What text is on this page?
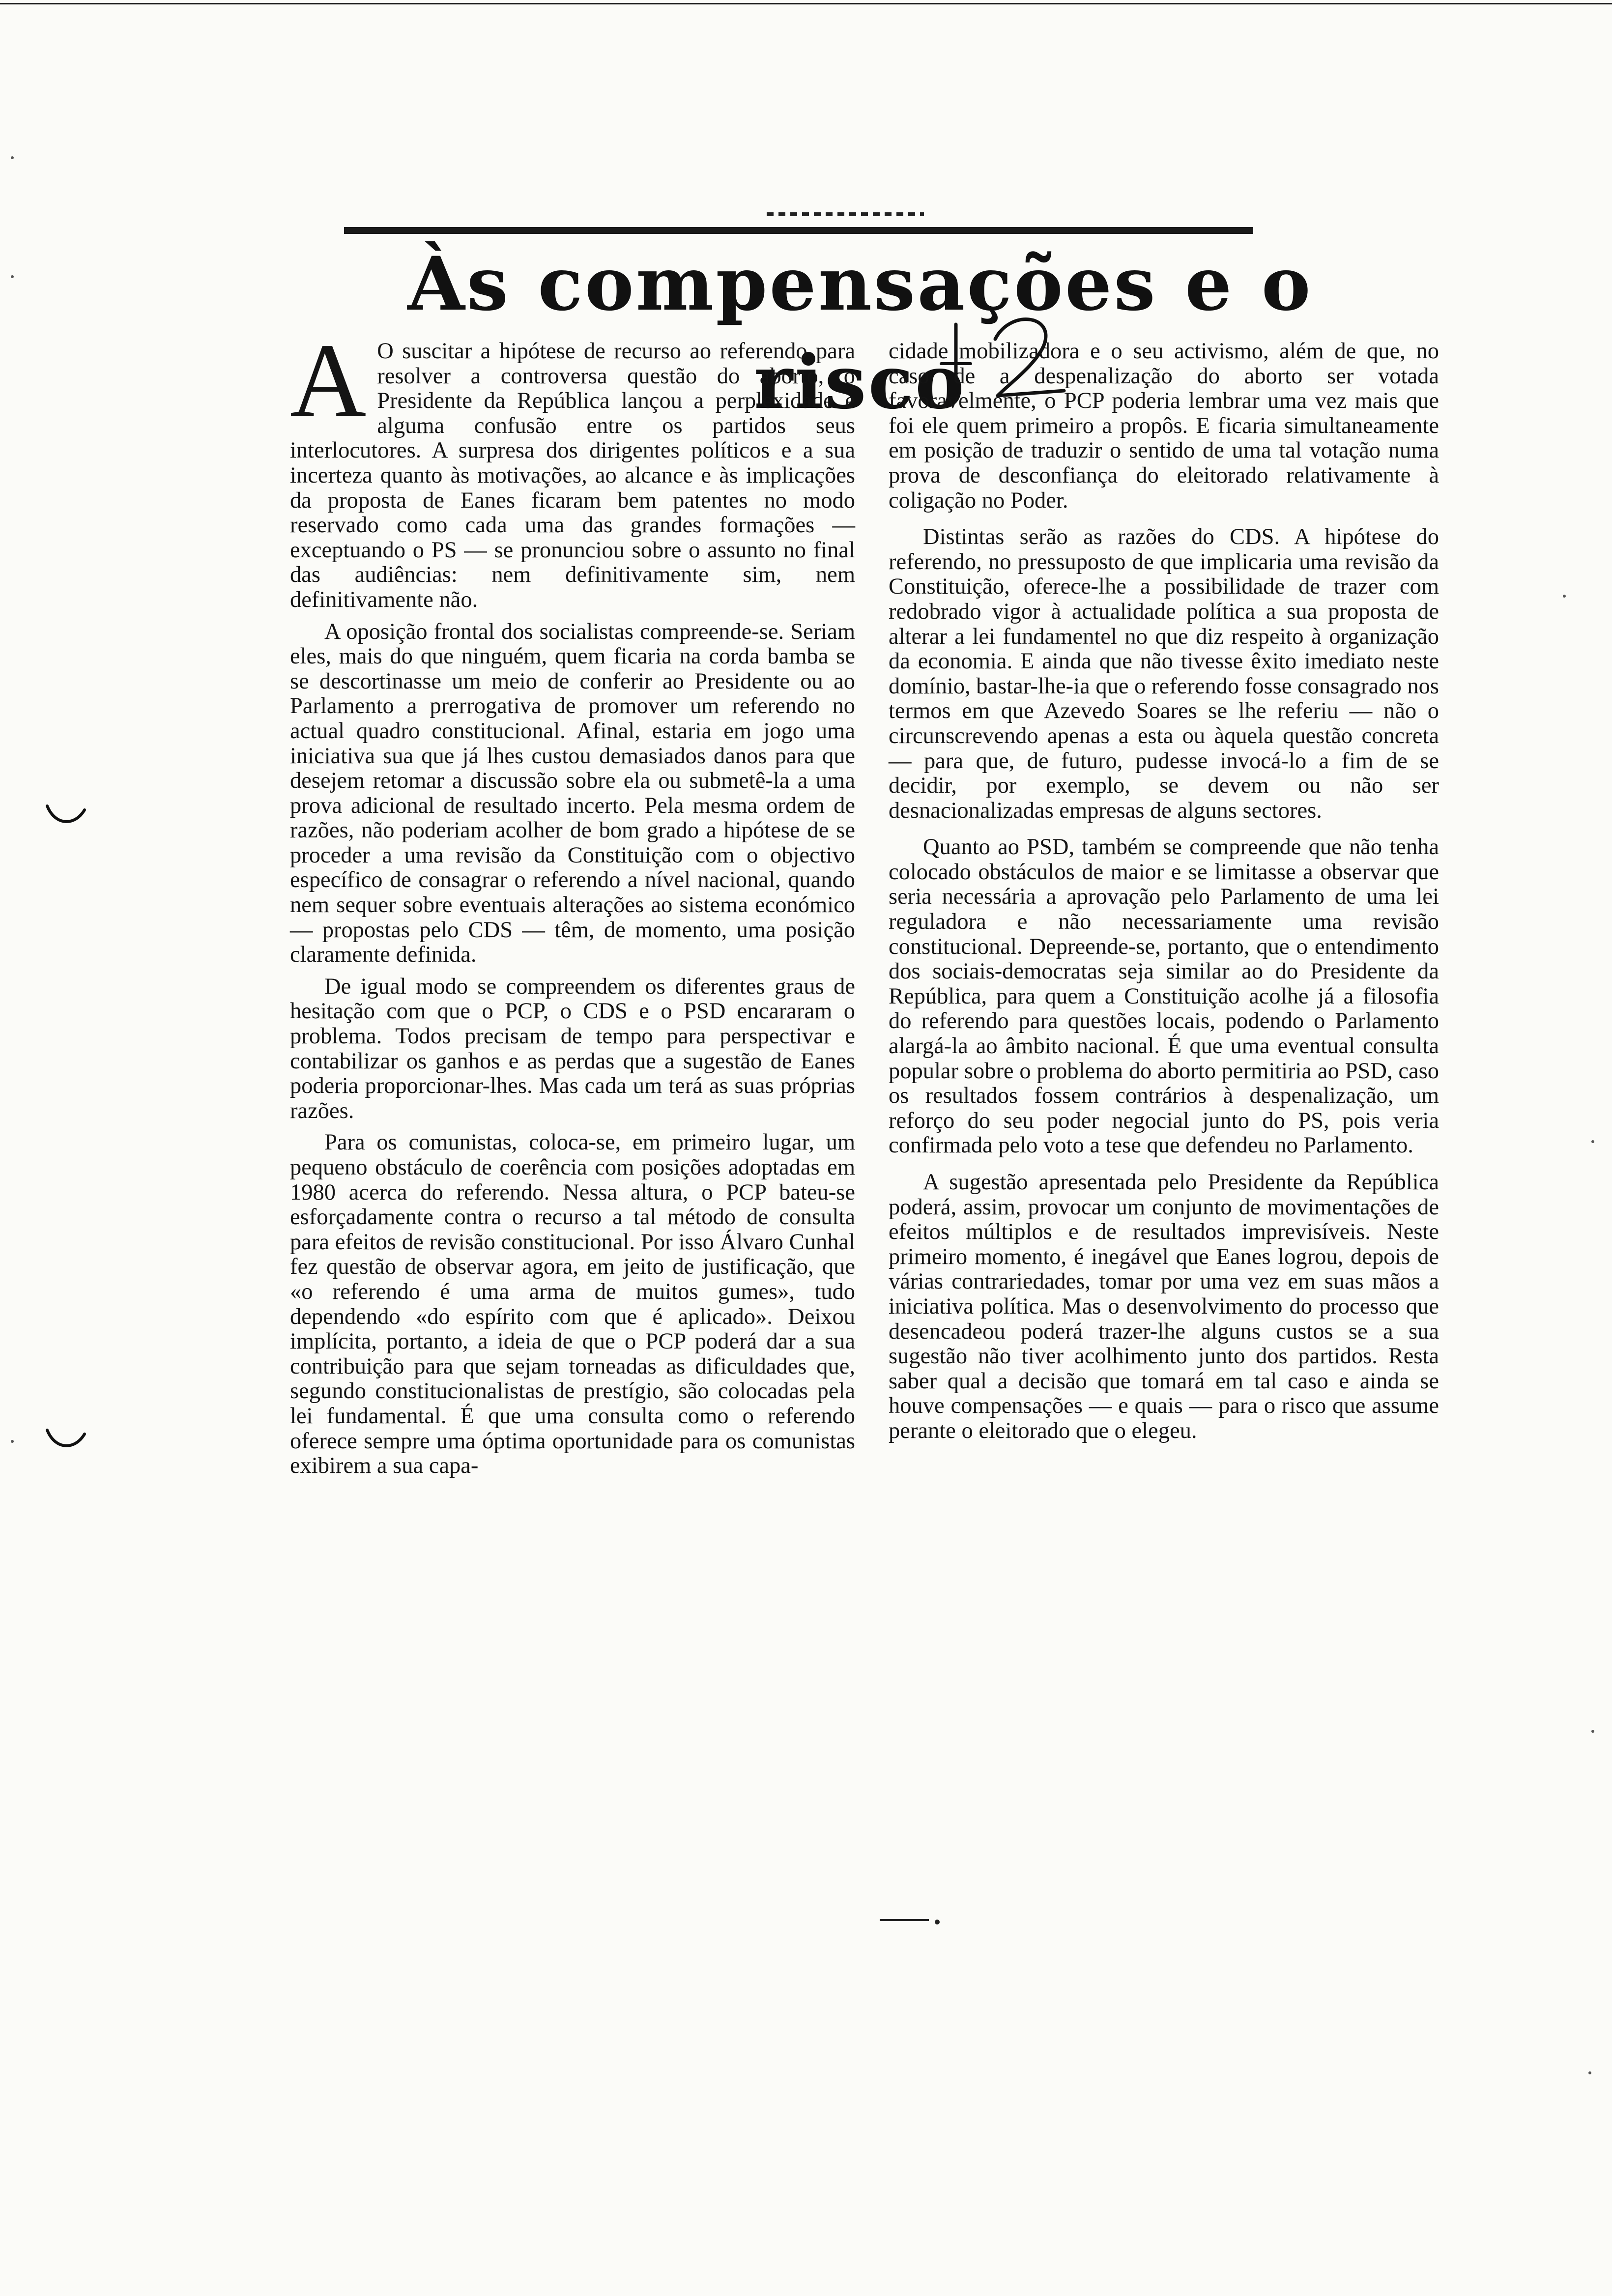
Às compensações e o risco

A O suscitar a hipótese de recurso ao referendo para resolver a controversa questão do aborto, o Presidente da República lançou a perplexidade e alguma confusão entre os partidos seus interlocutores. A surpresa dos dirigentes políticos e a sua incerteza quanto às motivações, ao alcance e às implicações da proposta de Eanes ficaram bem patentes no modo reservado como cada uma das grandes formações — exceptuando o PS — se pronunciou sobre o assunto no final das audiências: nem definitivamente sim, nem definitivamente não.

A oposição frontal dos socialistas compreende-se. Seriam eles, mais do que ninguém, quem ficaria na corda bamba se se descortinasse um meio de conferir ao Presidente ou ao Parlamento a prerrogativa de promover um referendo no actual quadro constitucional. Afinal, estaria em jogo uma iniciativa sua que já lhes custou demasiados danos para que desejem retomar a discussão sobre ela ou submetê-la a uma prova adicional de resultado incerto. Pela mesma ordem de razões, não poderiam acolher de bom grado a hipótese de se proceder a uma revisão da Constituição com o objectivo específico de consagrar o referendo a nível nacional, quando nem sequer sobre eventuais alterações ao sistema económico — propostas pelo CDS — têm, de momento, uma posição claramente definida.

De igual modo se compreendem os diferentes graus de hesitação com que o PCP, o CDS e o PSD encararam o problema. Todos precisam de tempo para perspectivar e contabilizar os ganhos e as perdas que a sugestão de Eanes poderia proporcionar-lhes. Mas cada um terá as suas próprias razões.

Para os comunistas, coloca-se, em primeiro lugar, um pequeno obstáculo de coerência com posições adoptadas em 1980 acerca do referendo. Nessa altura, o PCP bateu-se esforçadamente contra o recurso a tal método de consulta para efeitos de revisão constitucional. Por isso Álvaro Cunhal fez questão de observar agora, em jeito de justificação, que «o referendo é uma arma de muitos gumes», tudo dependendo «do espírito com que é aplicado». Deixou implícita, portanto, a ideia de que o PCP poderá dar a sua contribuição para que sejam torneadas as dificuldades que, segundo constitucionalistas de prestígio, são colocadas pela lei fundamental. É que uma consulta como o referendo oferece sempre uma óptima oportunidade para os comunistas exibirem a sua capa-

cidade mobilizadora e o seu activismo, além de que, no caso de a despenalização do aborto ser votada favoravelmente, o PCP poderia lembrar uma vez mais que foi ele quem primeiro a propôs. E ficaria simultaneamente em posição de traduzir o sentido de uma tal votação numa prova de desconfiança do eleitorado relativamente à coligação no Poder.

Distintas serão as razões do CDS. A hipótese do referendo, no pressuposto de que implicaria uma revisão da Constituição, oferece-lhe a possibilidade de trazer com redobrado vigor à actualidade política a sua proposta de alterar a lei fundamentel no que diz respeito à organização da economia. E ainda que não tivesse êxito imediato neste domínio, bastar-lhe-ia que o referendo fosse consagrado nos termos em que Azevedo Soares se lhe referiu — não o circunscrevendo apenas a esta ou àquela questão concreta — para que, de futuro, pudesse invocá-lo a fim de se decidir, por exemplo, se devem ou não ser desnacionalizadas empresas de alguns sectores.

Quanto ao PSD, também se compreende que não tenha colocado obstáculos de maior e se limitasse a observar que seria necessária a aprovação pelo Parlamento de uma lei reguladora e não necessariamente uma revisão constitucional. Depreende-se, portanto, que o entendimento dos sociais-democratas seja similar ao do Presidente da República, para quem a Constituição acolhe já a filosofia do referendo para questões locais, podendo o Parlamento alargá-la ao âmbito nacional. É que uma eventual consulta popular sobre o problema do aborto permitiria ao PSD, caso os resultados fossem contrários à despenalização, um reforço do seu poder negocial junto do PS, pois veria confirmada pelo voto a tese que defendeu no Parlamento.

A sugestão apresentada pelo Presidente da República poderá, assim, provocar um conjunto de movimentações de efeitos múltiplos e de resultados imprevisíveis. Neste primeiro momento, é inegável que Eanes logrou, depois de várias contrariedades, tomar por uma vez em suas mãos a iniciativa política. Mas o desenvolvimento do processo que desencadeou poderá trazer-lhe alguns custos se a sua sugestão não tiver acolhimento junto dos partidos. Resta saber qual a decisão que tomará em tal caso e ainda se houve compensações — e quais — para o risco que assume perante o eleitorado que o elegeu.
